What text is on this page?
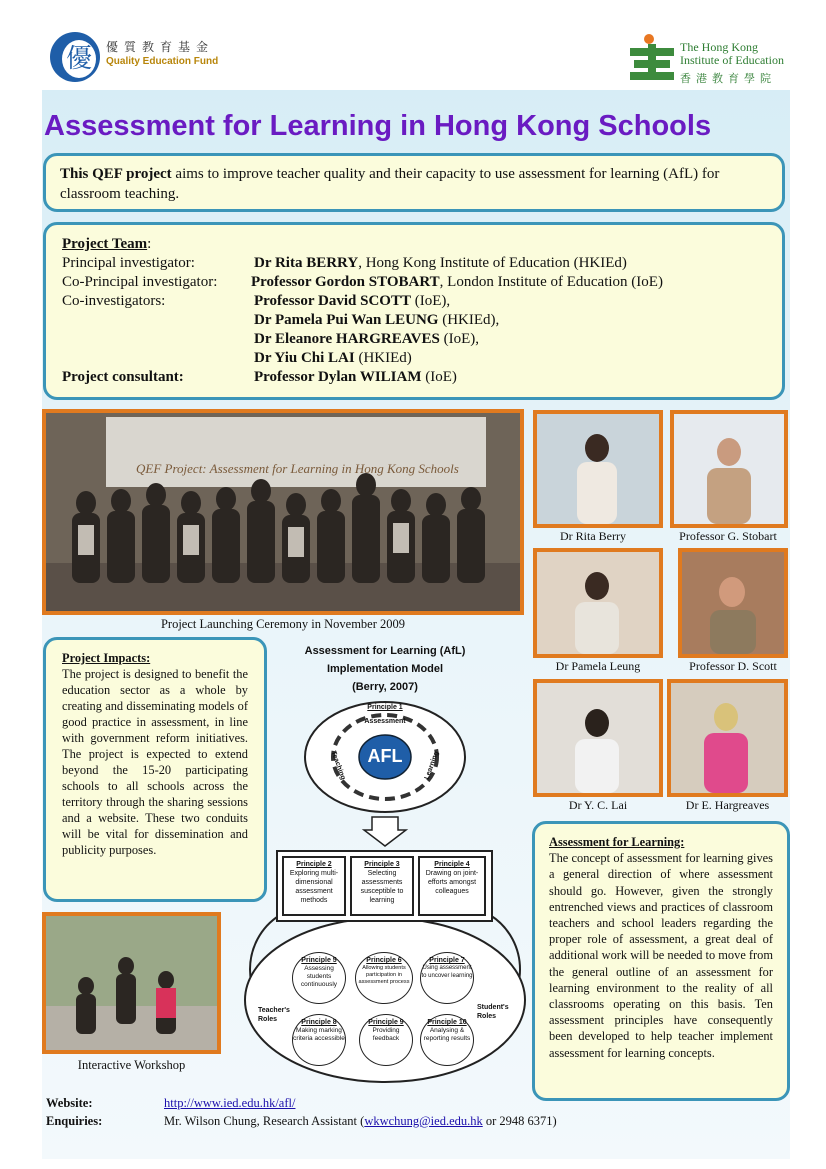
優	優質教育基金
Quality Education Fund
The Hong Kong
Institute of Education
香港教育學院
Assessment for Learning in Hong Kong Schools
This QEF project aims to improve teacher quality and their capacity to use assessment for learning (AfL) for classroom teaching.
Project Team:
Principal investigator:	Dr Rita BERRY, Hong Kong Institute of Education (HKIEd)
Co-Principal investigator: Professor Gordon STOBART, London Institute of Education (IoE)
Co-investigators:	Professor David SCOTT (IoE),
Dr Pamela Pui Wan LEUNG (HKIEd),
Dr Eleanore HARGREAVES (IoE),
Dr Yiu Chi LAI (HKIEd)
Project consultant:	Professor Dylan WILIAM (IoE)
QEF Project: Assessment for Learning in Hong Kong Schools
Project Launching Ceremony in November 2009
Dr Rita Berry	Professor G. Stobart
Dr Pamela Leung	Professor D. Scott
Dr Y. C. Lai	Dr E. Hargreaves
Project Impacts:
The project is designed to benefit the education sector as a whole by creating and disseminating models of good practice in assessment, in line with government reform initiatives. The project is expected to extend beyond the 15-20 participating schools to all schools across the territory through the sharing sessions and a website. These two conduits will be vital for dissemination and publicity purposes.
Interactive Workshop
Assessment for Learning (AfL)
Implementation Model
(Berry, 2007)
AFL
Principle 1
Assessment
Teaching	Learning
Principle 2
Exploring multi-dimensional assessment methods
Principle 3
Selecting assessments susceptible to learning
Principle 4
Drawing on joint-efforts amongst colleagues
Principle 5
Assessing students continuously
Principle 6
Allowing students participation in assessment process
Principle 7
Using assessment to uncover learning
Principle 8
Making marking criteria accessible
Principle 9
Providing feedback
Principle 10
Analysing & reporting results
Teacher's Roles
Student's Roles
Assessment for Learning:
The concept of assessment for learning gives a general direction of where assessment should go. However, given the strongly entrenched views and practices of classroom teachers and school leaders regarding the proper role of assessment, a great deal of additional work will be needed to move from the general outline of an assessment for learning environment to the reality of all classrooms operating on this basis. Ten assessment principles have consequently been developed to help teacher implement assessment for learning concepts.
Website:	http://www.ied.edu.hk/afl/
Enquiries:	Mr. Wilson Chung, Research Assistant (wkwchung@ied.edu.hk or 2948 6371)
